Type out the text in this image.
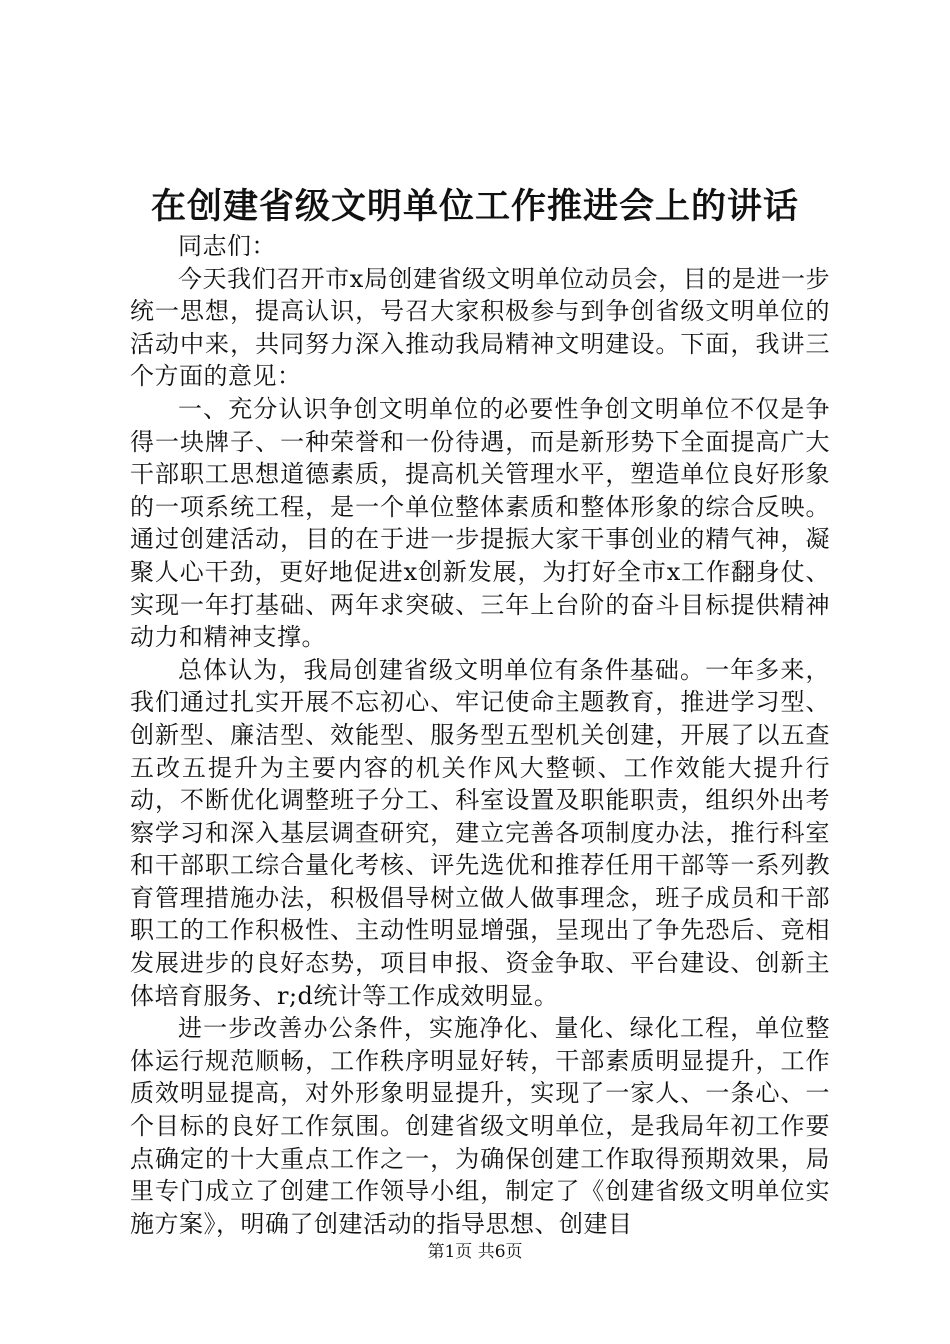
在创建省级文明单位工作推进会上的讲话

同志们：

今天我们召开市x局创建省级文明单位动员会，目的是进一步统一思想，提高认识，号召大家积极参与到争创省级文明单位的活动中来，共同努力深入推动我局精神文明建设。下面，我讲三个方面的意见：

一、充分认识争创文明单位的必要性争创文明单位不仅是争得一块牌子、一种荣誉和一份待遇，而是新形势下全面提高广大干部职工思想道德素质，提高机关管理水平，塑造单位良好形象的一项系统工程，是一个单位整体素质和整体形象的综合反映。通过创建活动，目的在于进一步提振大家干事创业的精气神，凝聚人心干劲，更好地促进x创新发展，为打好全市x工作翻身仗、实现一年打基础、两年求突破、三年上台阶的奋斗目标提供精神动力和精神支撑。

总体认为，我局创建省级文明单位有条件基础。一年多来，我们通过扎实开展不忘初心、牢记使命主题教育，推进学习型、创新型、廉洁型、效能型、服务型五型机关创建，开展了以五查五改五提升为主要内容的机关作风大整顿、工作效能大提升行动，不断优化调整班子分工、科室设置及职能职责，组织外出考察学习和深入基层调查研究，建立完善各项制度办法，推行科室和干部职工综合量化考核、评先选优和推荐任用干部等一系列教育管理措施办法，积极倡导树立做人做事理念，班子成员和干部职工的工作积极性、主动性明显增强，呈现出了争先恐后、竞相发展进步的良好态势，项目申报、资金争取、平台建设、创新主体培育服务、r;d统计等工作成效明显。

进一步改善办公条件，实施净化、量化、绿化工程，单位整体运行规范顺畅，工作秩序明显好转，干部素质明显提升，工作质效明显提高，对外形象明显提升，实现了一家人、一条心、一个目标的良好工作氛围。创建省级文明单位，是我局年初工作要点确定的十大重点工作之一，为确保创建工作取得预期效果，局里专门成立了创建工作领导小组，制定了《创建省级文明单位实施方案》，明确了创建活动的指导思想、创建目

第1页 共6页
